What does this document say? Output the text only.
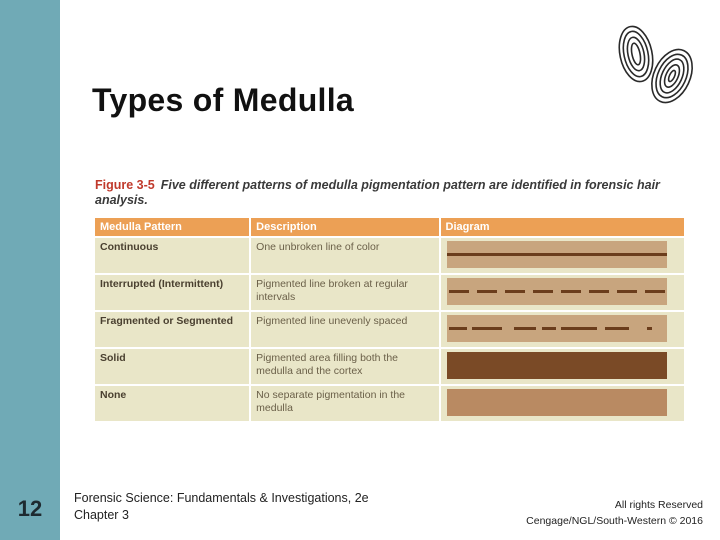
12
Types of Medulla
Figure 3-5 Five different patterns of medulla pigmentation pattern are identified in forensic hair analysis.
Medulla Pattern	Description	Diagram
Continuous	One unbroken line of color	

Interrupted (Intermittent)	Pigmented line broken at regular intervals	

Fragmented or Segmented	Pigmented line unevenly spaced	

Solid	Pigmented area filling both the medulla and the cortex	

None	No separate pigmentation in the medulla	
Forensic Science: Fundamentals & Investigations, 2e
Chapter 3
All rights Reserved
Cengage/NGL/South-Western © 2016
